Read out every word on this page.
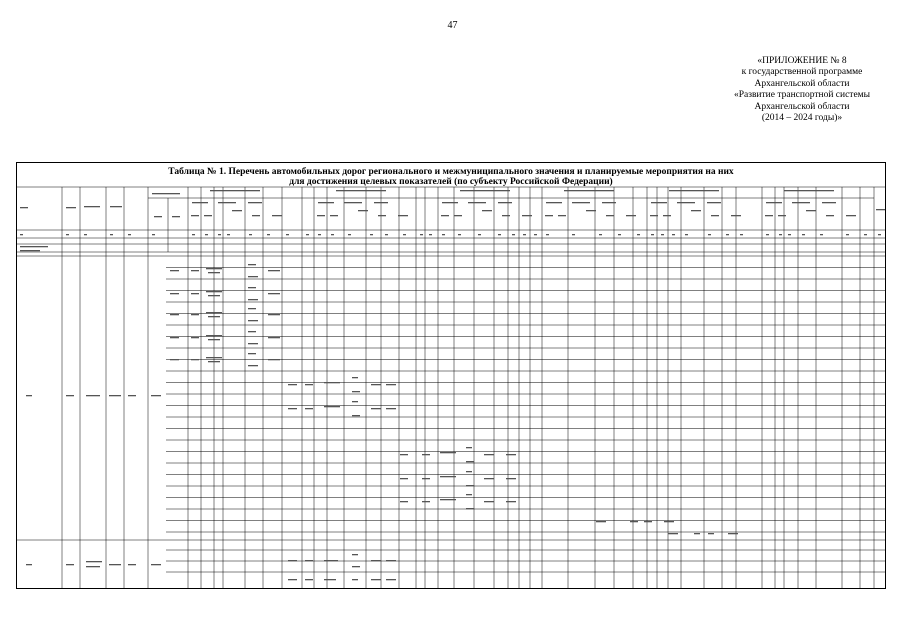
47
«ПРИЛОЖЕНИЕ № 8
к государственной программе
Архангельской области
«Развитие транспортной системы
Архангельской области
(2014 – 2024 годы)»
Таблица № 1. Перечень автомобильных дорог регионального и межмуниципального значения и планируемые мероприятия на них
для достижения целевых показателей (по субъекту Российской Федерации)
